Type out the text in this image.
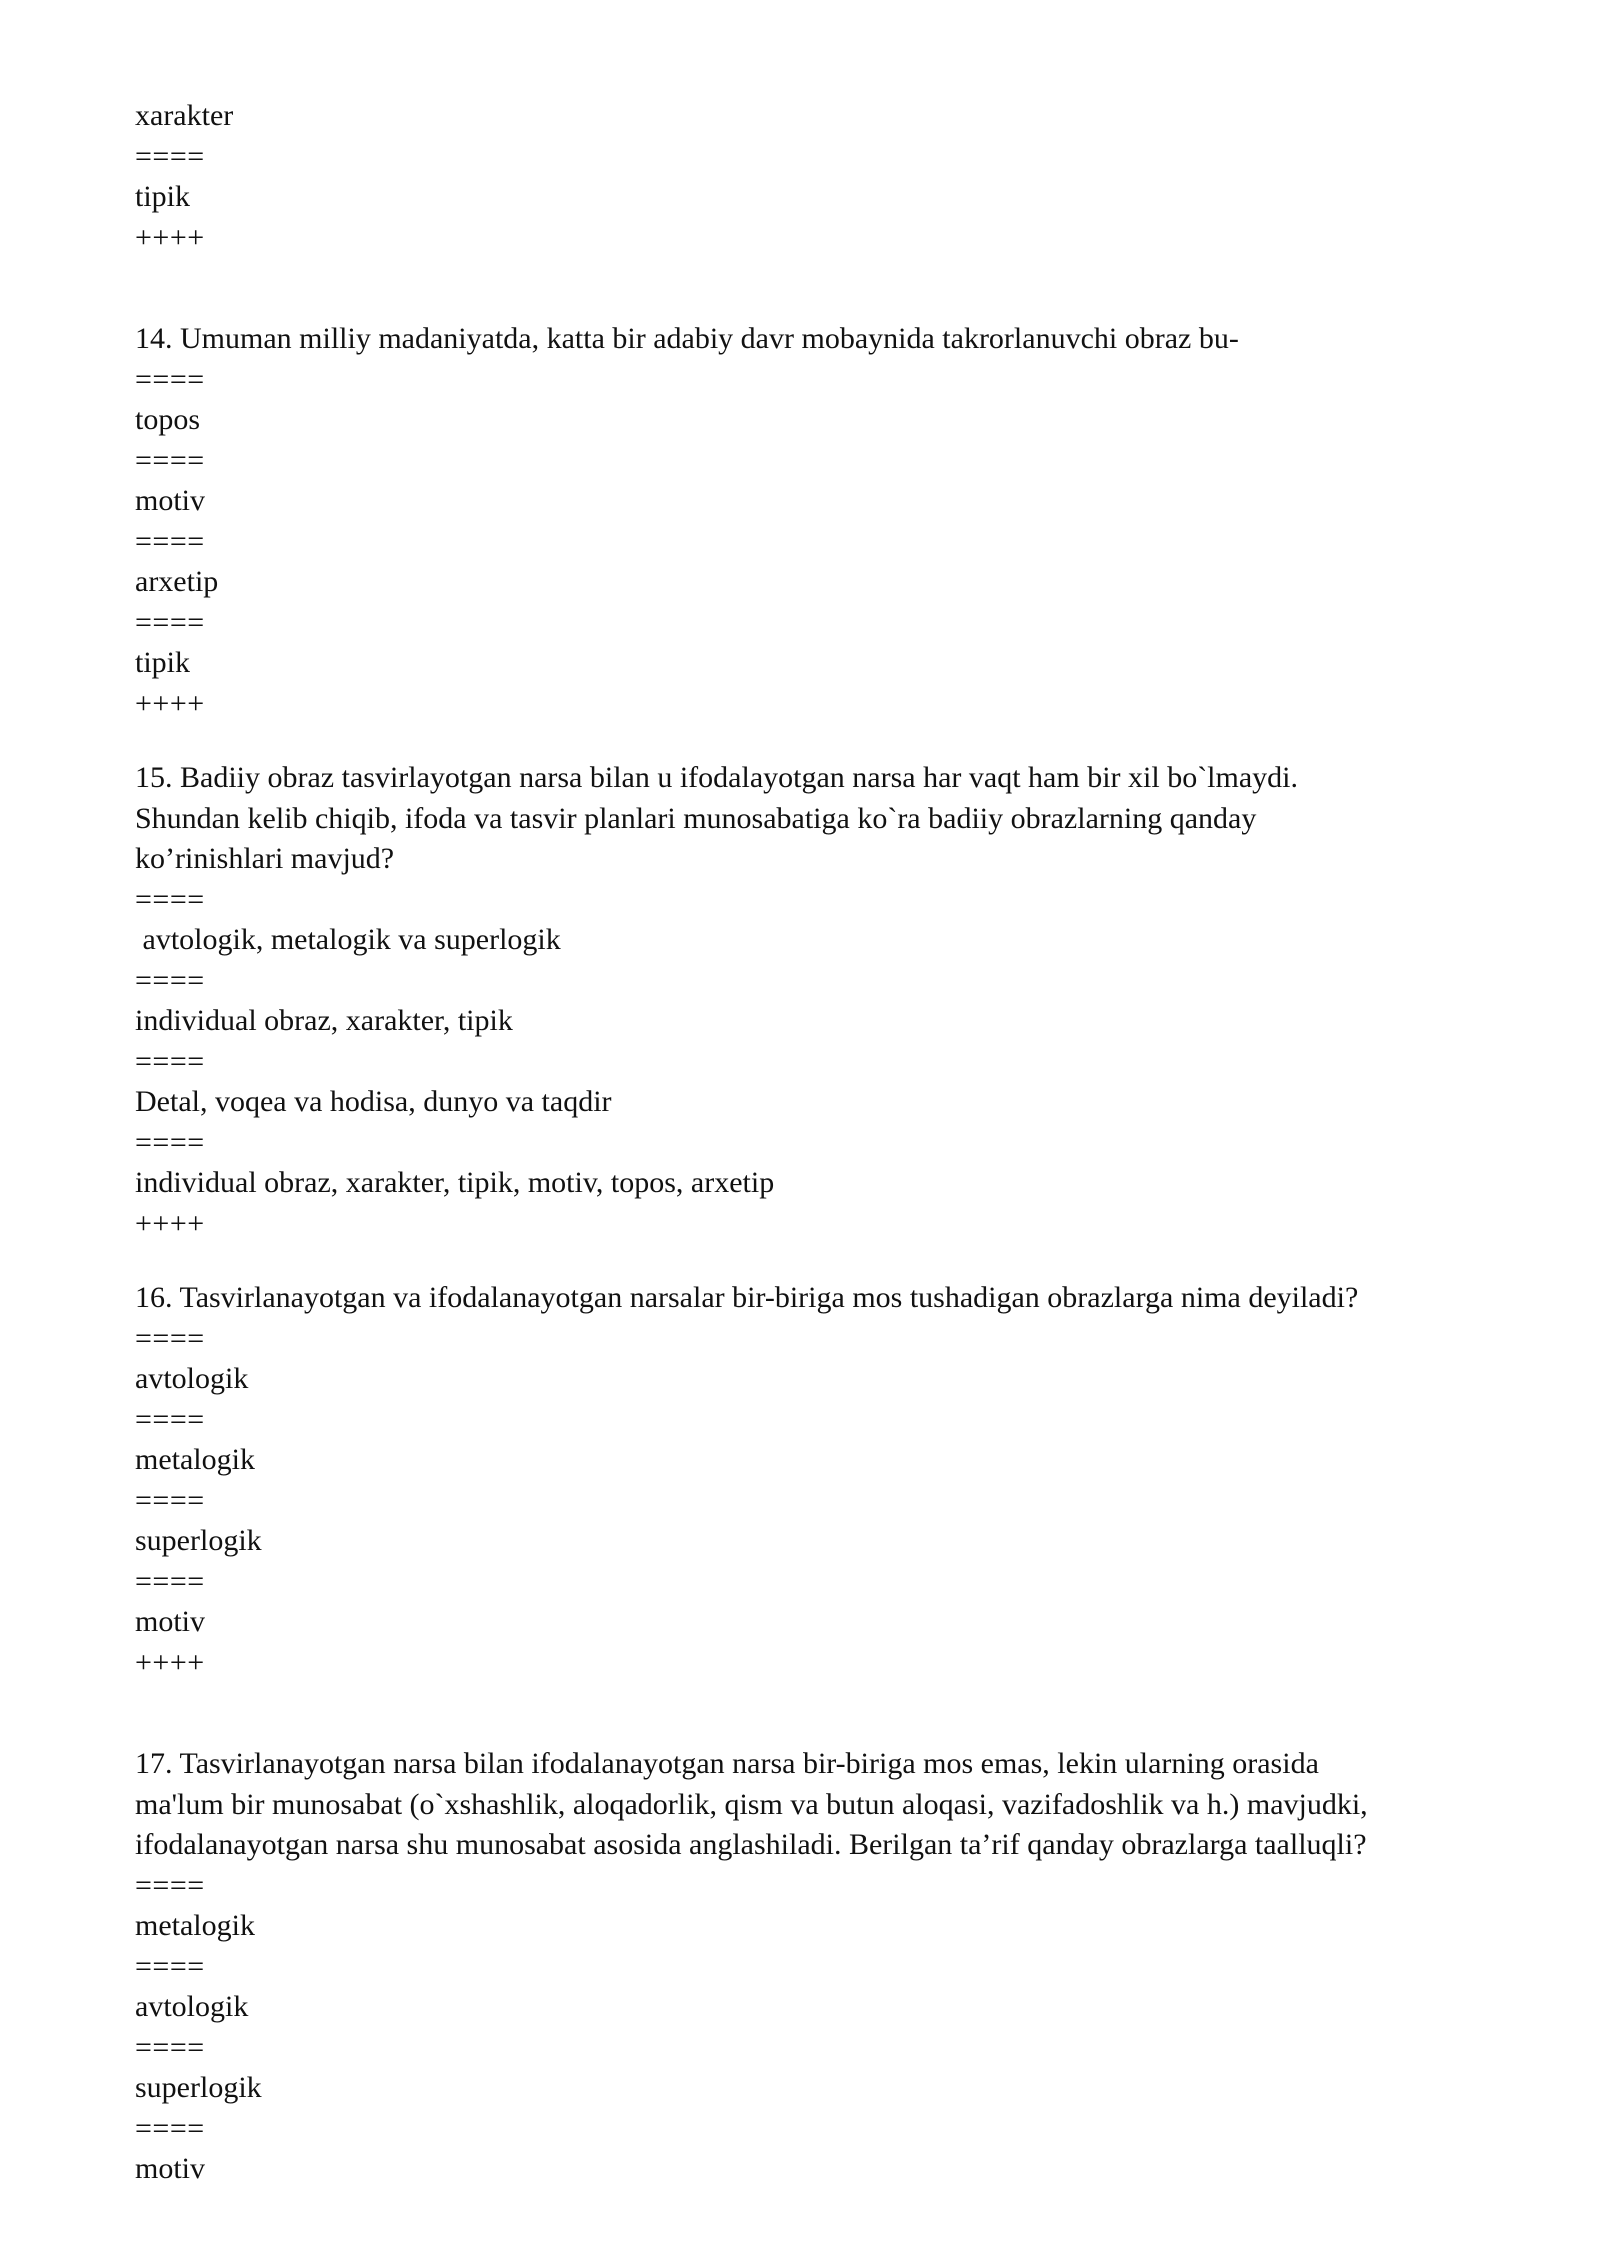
xarakter
====
tipik
++++
14. Umuman milliy madaniyatda, katta bir adabiy davr mobaynida takrorlanuvchi obraz bu-
====
topos
====
motiv
====
arxetip
====
tipik
++++
15. Badiiy obraz tasvirlayotgan narsa bilan u ifodalayotgan narsa har vaqt ham bir xil bo`lmaydi.
Shundan kelib chiqib, ifoda va tasvir planlari munosabatiga ko`ra badiiy obrazlarning qanday
ko’rinishlari mavjud?
====
avtologik, metalogik va superlogik
====
individual obraz, xarakter, tipik
====
Detal, voqea va hodisa, dunyo va taqdir
====
individual obraz, xarakter, tipik, motiv, topos, arxetip
++++
16. Tasvirlanayotgan va ifodalanayotgan narsalar bir-biriga mos tushadigan obrazlarga nima deyiladi?
====
avtologik
====
metalogik
====
superlogik
====
motiv
++++
17. Tasvirlanayotgan narsa bilan ifodalanayotgan narsa bir-biriga mos emas, lekin ularning orasida
ma'lum bir munosabat (o`xshashlik, aloqadorlik, qism va butun aloqasi, vazifadoshlik va h.) mavjudki,
ifodalanayotgan narsa shu munosabat asosida anglashiladi. Berilgan ta’rif qanday obrazlarga taalluqli?
====
metalogik
====
avtologik
====
superlogik
====
motiv
